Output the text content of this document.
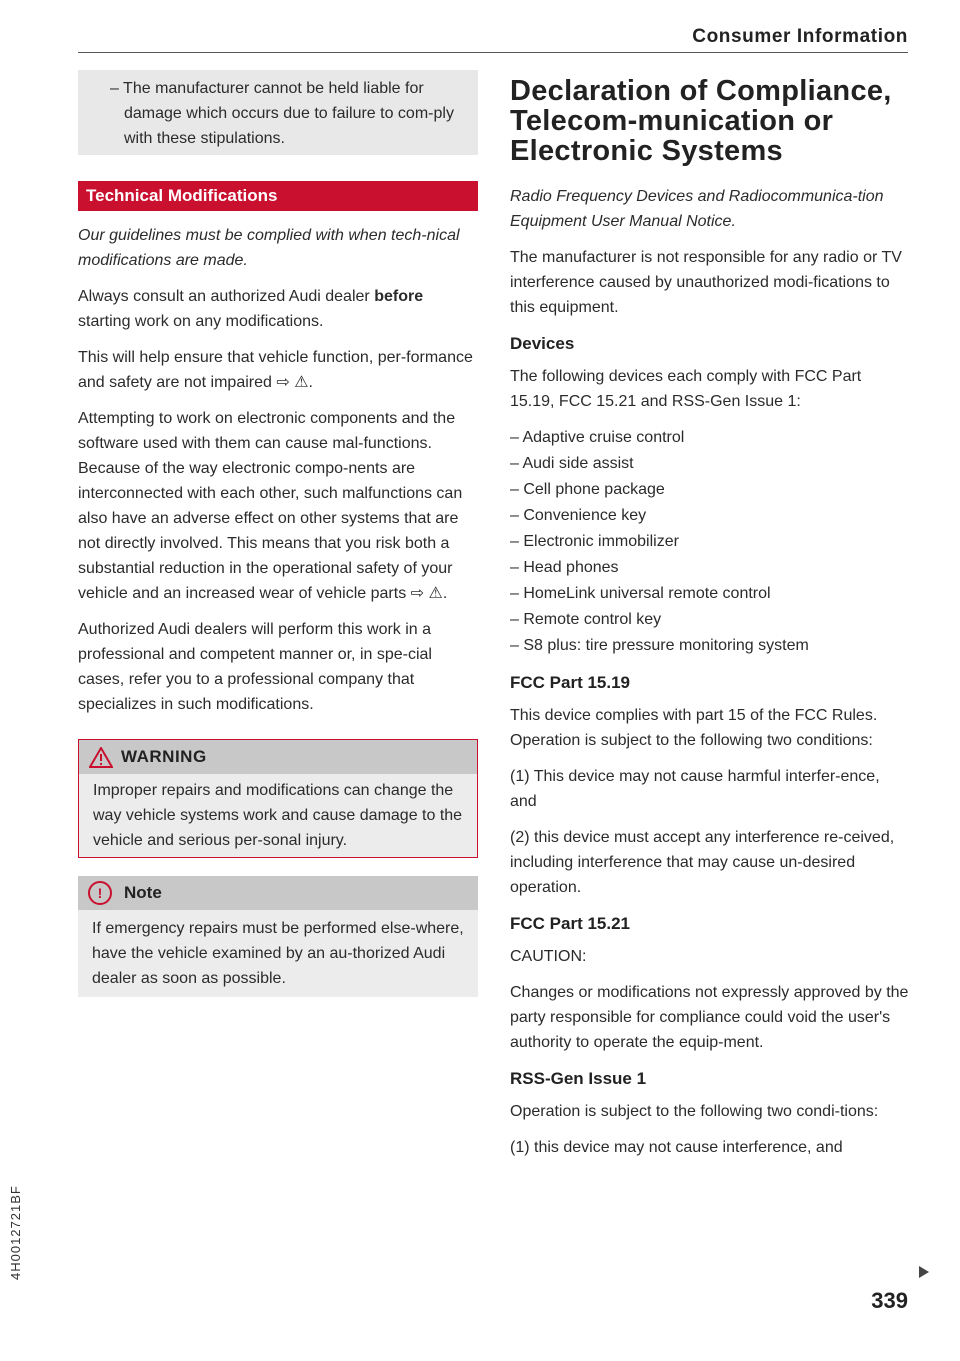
Consumer Information

– The manufacturer cannot be held liable for damage which occurs due to failure to com-ply with these stipulations.

Technical Modifications

Our guidelines must be complied with when tech-nical modifications are made.

Always consult an authorized Audi dealer before starting work on any modifications.

This will help ensure that vehicle function, per-formance and safety are not impaired ⇨ ⚠.

Attempting to work on electronic components and the software used with them can cause mal-functions. Because of the way electronic compo-nents are interconnected with each other, such malfunctions can also have an adverse effect on other systems that are not directly involved. This means that you risk both a substantial reduction in the operational safety of your vehicle and an increased wear of vehicle parts ⇨ ⚠.

Authorized Audi dealers will perform this work in a professional and competent manner or, in spe-cial cases, refer you to a professional company that specializes in such modifications.

WARNING

Improper repairs and modifications can change the way vehicle systems work and cause damage to the vehicle and serious per-sonal injury.

!	Note

If emergency repairs must be performed else-where, have the vehicle examined by an au-thorized Audi dealer as soon as possible.

Declaration of Compliance, Telecom-munication or Electronic Systems

Radio Frequency Devices and Radiocommunica-tion Equipment User Manual Notice.

The manufacturer is not responsible for any radio or TV interference caused by unauthorized modi-fications to this equipment.

Devices

The following devices each comply with FCC Part 15.19, FCC 15.21 and RSS-Gen Issue 1:

– Adaptive cruise control
– Audi side assist
– Cell phone package
– Convenience key
– Electronic immobilizer
– Head phones
– HomeLink universal remote control
– Remote control key
– S8 plus: tire pressure monitoring system
FCC Part 15.19

This device complies with part 15 of the FCC Rules. Operation is subject to the following two conditions:

(1) This device may not cause harmful interfer-ence, and

(2) this device must accept any interference re-ceived, including interference that may cause un-desired operation.

FCC Part 15.21

CAUTION:

Changes or modifications not expressly approved by the party responsible for compliance could void the user's authority to operate the equip-ment.

RSS-Gen Issue 1

Operation is subject to the following two condi-tions:

(1) this device may not cause interference, and

339
4H0012721BF
